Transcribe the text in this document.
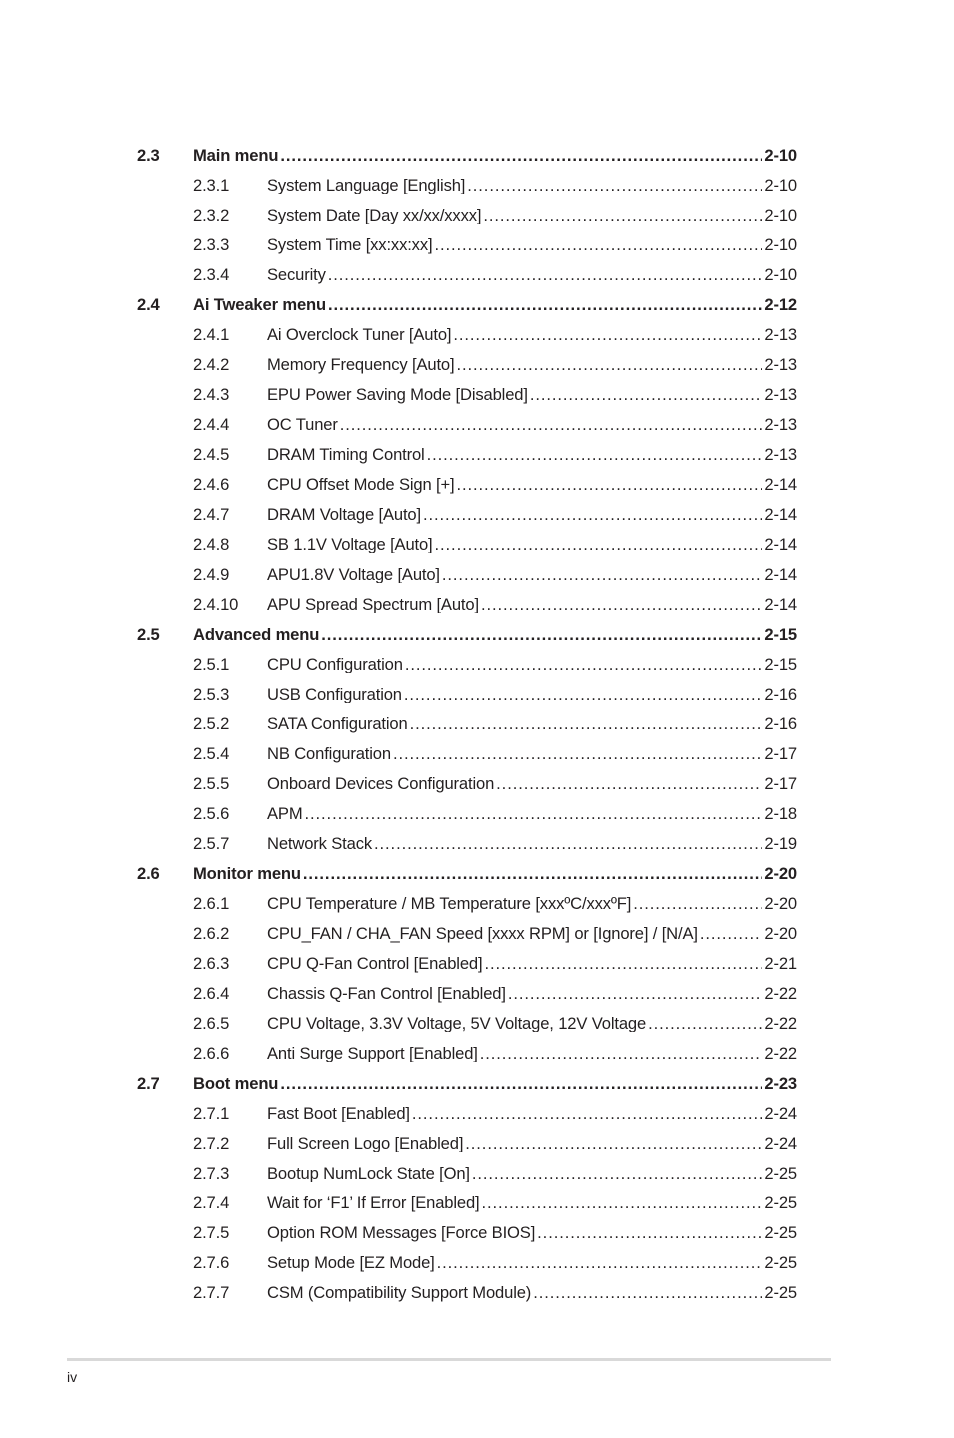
2.3 Main menu .....	2-10
2.3.1 System Language [English] .....	2-10
2.3.2 System Date [Day xx/xx/xxxx] .....	2-10
2.3.3 System Time [xx:xx:xx] .....	2-10
2.3.4 Security .....	2-10
2.4 Ai Tweaker menu .....	2-12
2.4.1 Ai Overclock Tuner [Auto] .....	2-13
2.4.2 Memory Frequency [Auto] .....	2-13
2.4.3 EPU Power Saving Mode [Disabled] .....	2-13
2.4.4 OC Tuner .....	2-13
2.4.5 DRAM Timing Control .....	2-13
2.4.6 CPU Offset Mode Sign [+] .....	2-14
2.4.7 DRAM Voltage [Auto] .....	2-14
2.4.8 SB 1.1V Voltage [Auto] .....	2-14
2.4.9 APU1.8V Voltage [Auto] .....	2-14
2.4.10 APU Spread Spectrum [Auto] .....	2-14
2.5 Advanced menu .....	2-15
2.5.1 CPU Configuration .....	2-15
2.5.3 USB Configuration .....	2-16
2.5.2 SATA Configuration .....	2-16
2.5.4 NB Configuration .....	2-17
2.5.5 Onboard Devices Configuration .....	2-17
2.5.6 APM .....	2-18
2.5.7 Network Stack .....	2-19
2.6 Monitor menu .....	2-20
2.6.1 CPU Temperature / MB Temperature [xxxºC/xxxºF] .....	2-20
2.6.2 CPU_FAN / CHA_FAN Speed [xxxx RPM] or [Ignore] / [N/A] .....	2-20
2.6.3 CPU Q-Fan Control [Enabled] .....	2-21
2.6.4 Chassis Q-Fan Control [Enabled] .....	2-22
2.6.5 CPU Voltage, 3.3V Voltage, 5V Voltage, 12V Voltage .....	2-22
2.6.6 Anti Surge Support [Enabled] .....	2-22
2.7 Boot menu .....	2-23
2.7.1 Fast Boot [Enabled] .....	2-24
2.7.2 Full Screen Logo [Enabled] .....	2-24
2.7.3 Bootup NumLock State [On] .....	2-25
2.7.4 Wait for ‘F1’ If Error [Enabled] .....	2-25
2.7.5 Option ROM Messages [Force BIOS] .....	2-25
2.7.6 Setup Mode [EZ Mode] .....	2-25
2.7.7 CSM (Compatibility Support Module) .....	2-25
iv
